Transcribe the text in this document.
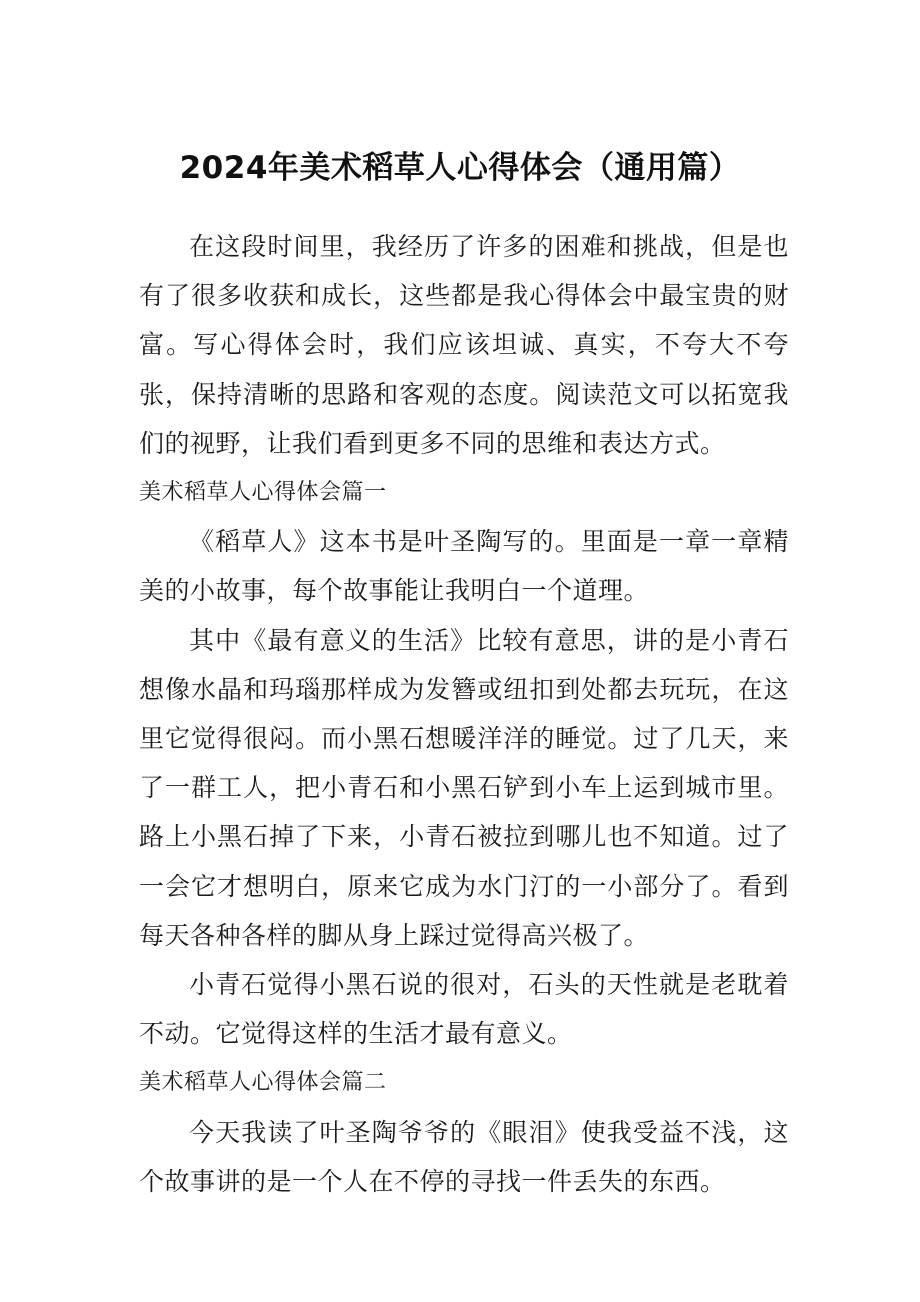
2024年美术稻草人心得体会（通用篇）

在这段时间里，我经历了许多的困难和挑战，但是也有了很多收获和成长，这些都是我心得体会中最宝贵的财富。写心得体会时，我们应该坦诚、真实，不夸大不夸张，保持清晰的思路和客观的态度。阅读范文可以拓宽我们的视野，让我们看到更多不同的思维和表达方式。

美术稻草人心得体会篇一

《稻草人》这本书是叶圣陶写的。里面是一章一章精美的小故事，每个故事能让我明白一个道理。

其中《最有意义的生活》比较有意思，讲的是小青石想像水晶和玛瑙那样成为发簪或纽扣到处都去玩玩，在这里它觉得很闷。而小黑石想暖洋洋的睡觉。过了几天，来了一群工人，把小青石和小黑石铲到小车上运到城市里。路上小黑石掉了下来，小青石被拉到哪儿也不知道。过了一会它才想明白，原来它成为水门汀的一小部分了。看到每天各种各样的脚从身上踩过觉得高兴极了。

小青石觉得小黑石说的很对，石头的天性就是老耽着不动。它觉得这样的生活才最有意义。

美术稻草人心得体会篇二

今天我读了叶圣陶爷爷的《眼泪》使我受益不浅，这个故事讲的是一个人在不停的寻找一件丢失的东西。
